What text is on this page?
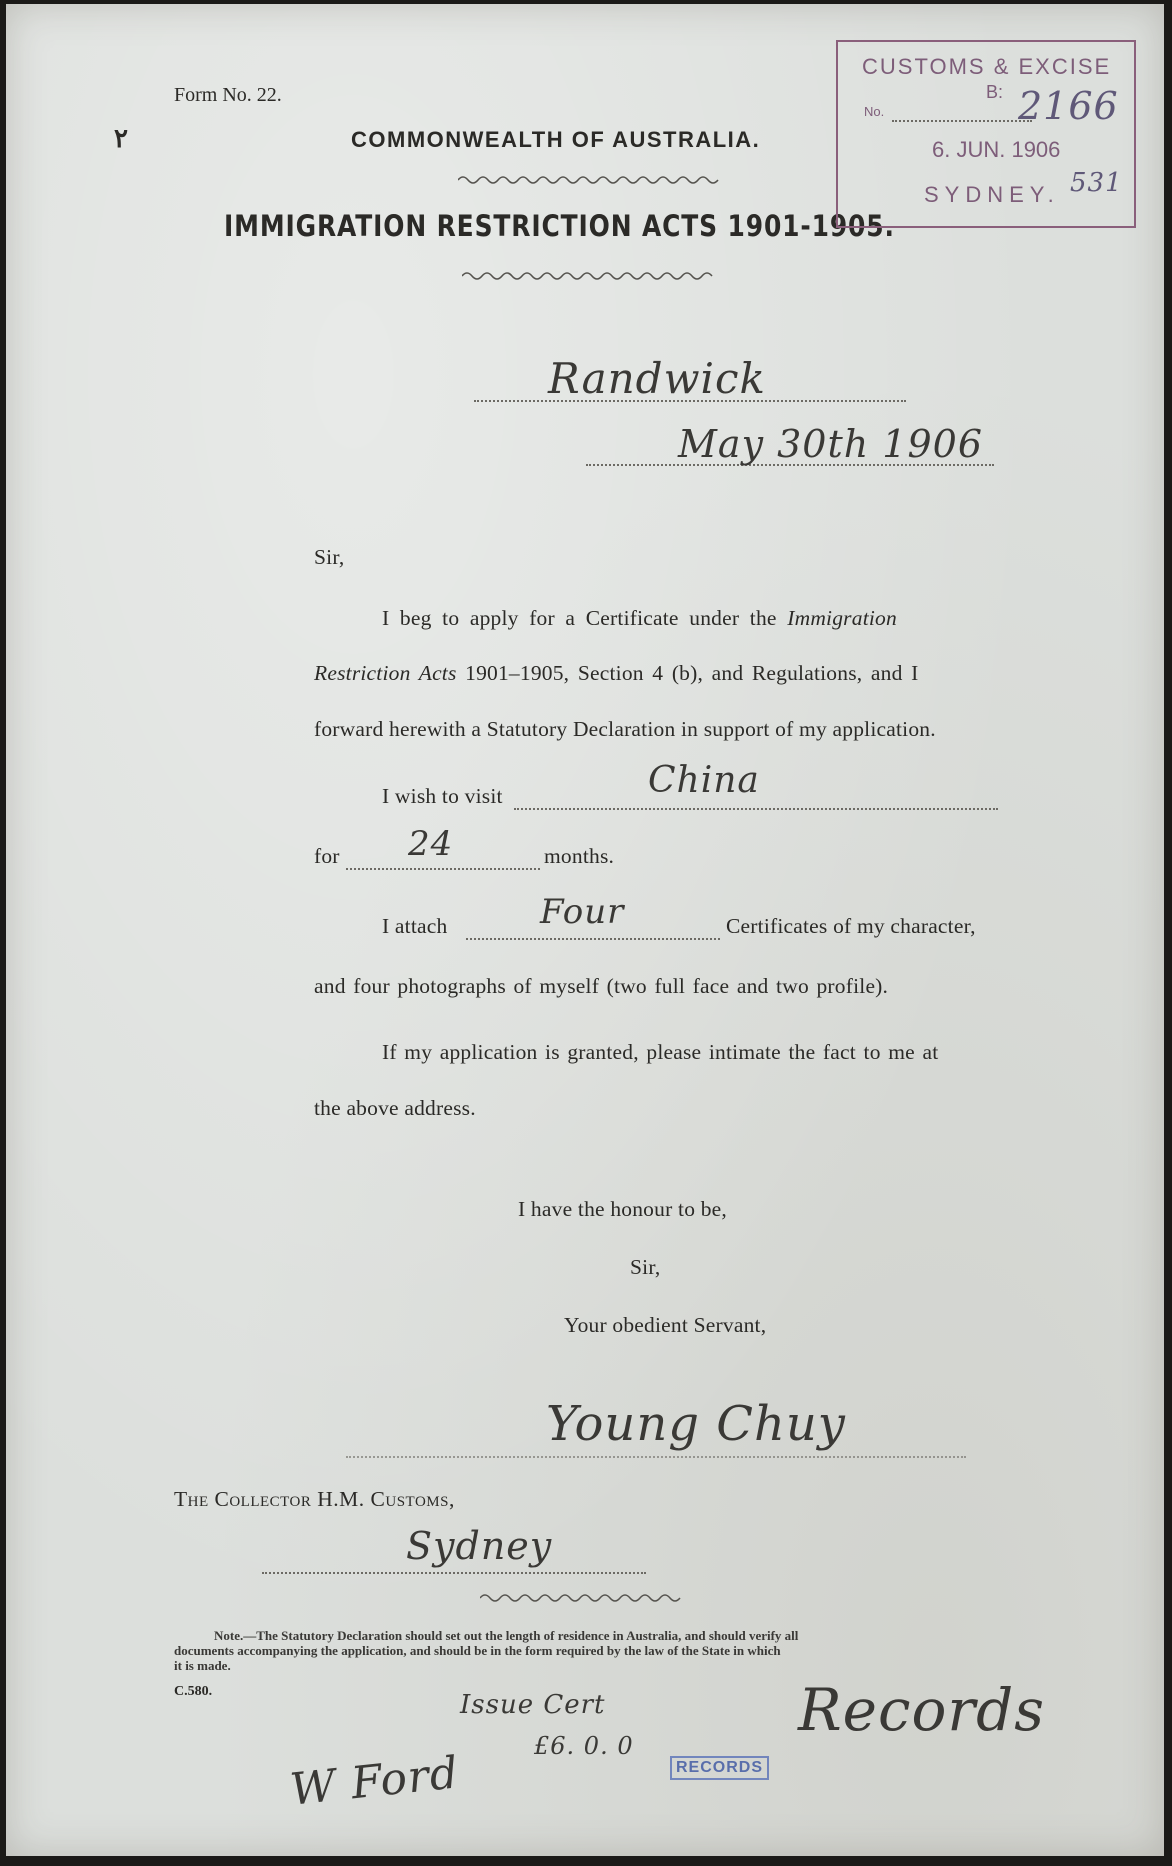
Form No. 22.
٢	COMMONWEALTH OF AUSTRALIA.
IMMIGRATION RESTRICTION ACTS 1901-1905.
CUSTOMS & EXCISE
B:
No.	2166
6. JUN. 1906
SYDNEY. 531
Randwick
May 30th 1906
Sir,
I beg to apply for a Certificate under the Immigration
Restriction Acts 1901–1905, Section 4 (b), and Regulations, and I
forward herewith a Statutory Declaration in support of my application.
I wish to visit	China
for 24	months.
I attach	Four	Certificates of my character,
and four photographs of myself (two full face and two profile).
If my application is granted, please intimate the fact to me at
the above address.
I have the honour to be,
Sir,
Your obedient Servant,
Young Chuy
The Collector H.M. Customs,
Sydney
Note.—The Statutory Declaration should set out the length of residence in Australia, and should verify all
documents accompanying the application, and should be in the form required by the law of the State in which
it is made.
C.580.	Issue Cert
£6. 0. 0
RECORDS
Records
W Ford
